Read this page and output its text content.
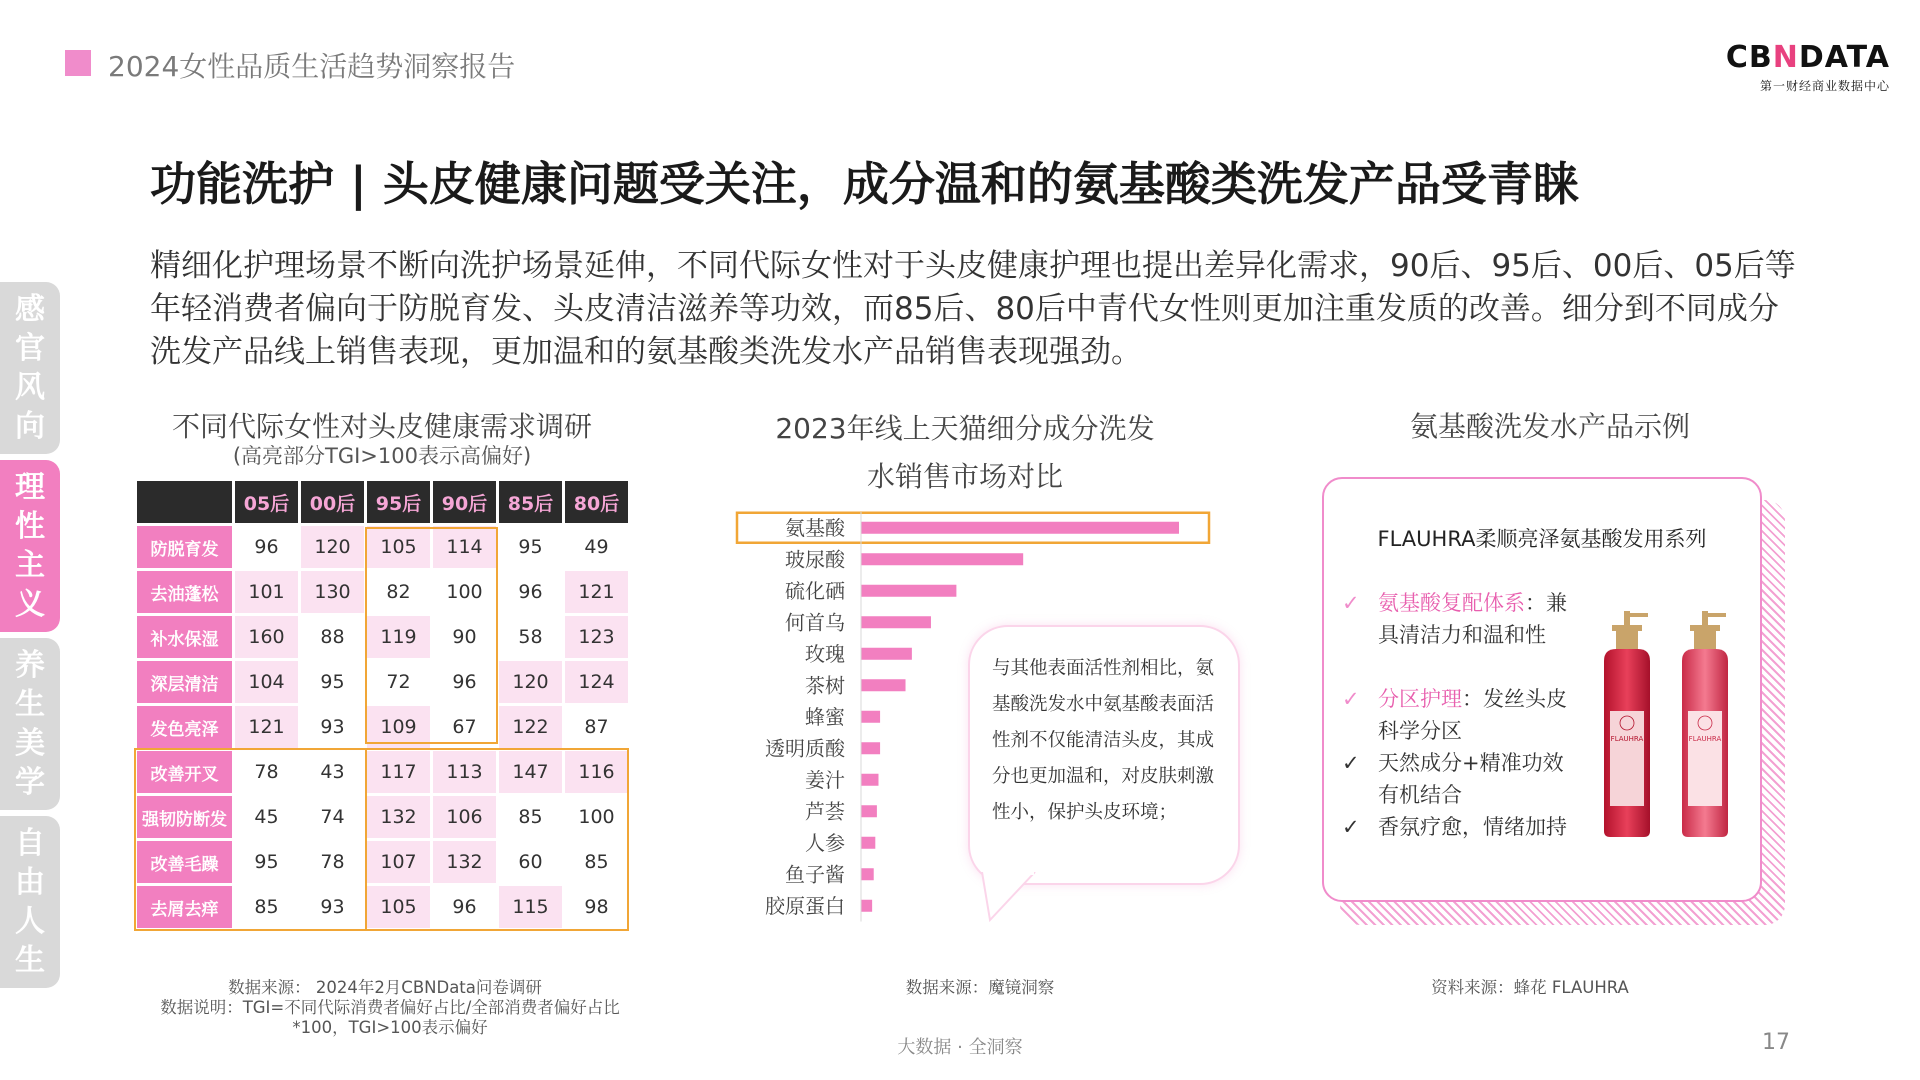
2024女性品质生活趋势洞察报告	CBNDATA
第一财经商业数据中心
功能洗护 | 头皮健康问题受关注，成分温和的氨基酸类洗发产品受青睐
精细化护理场景不断向洗护场景延伸，不同代际女性对于头皮健康护理也提出差异化需求，90后、95后、00后、05后等年轻消费者偏向于防脱育发、头皮清洁滋养等功效，而85后、80后中青代女性则更加注重发质的改善。细分到不同成分洗发产品线上销售表现，更加温和的氨基酸类洗发水产品销售表现强劲。
感
官
风
向
理
性
主
义
养
生
美
学
自
由
人
生
不同代际女性对头皮健康需求调研
(高亮部分TGI>100表示高偏好)
	05后	00后	95后	90后	85后	80后
防脱育发	96	120	105	114	95	49
去油蓬松	101	130	82	100	96	121
补水保湿	160	88	119	90	58	123
深层清洁	104	95	72	96	120	124
发色亮泽	121	93	109	67	122	87
改善开叉	78	43	117	113	147	116
强韧防断发	45	74	132	106	85	100
改善毛躁	95	78	107	132	60	85
去屑去痒	85	93	105	96	115	98
2023年线上天猫细分成分洗发
水销售市场对比
氨基酸
玻尿酸
硫化硒
何首乌
玫瑰
茶树
蜂蜜
透明质酸
姜汁
芦荟
人参
鱼子酱
胶原蛋白
与其他表面活性剂相比，氨基酸洗发水中氨基酸表面活性剂不仅能清洁头皮，其成分也更加温和，对皮肤刺激性小，保护头皮环境；
氨基酸洗发水产品示例
FLAUHRA柔顺亮泽氨基酸发用系列
✓ 氨基酸复配体系：兼具清洁力和温和性
✓ 分区护理：发丝头皮科学分区
✓ 天然成分+精准功效有机结合
✓ 香氛疗愈，情绪加持
FLAUHRA	FLAUHRA
数据来源： 2024年2月CBNData问卷调研
数据说明：TGI=不同代际消费者偏好占比/全部消费者偏好占比*100，TGI>100表示偏好
数据来源：魔镜洞察	资料来源：蜂花 FLAUHRA
大数据 · 全洞察	17
